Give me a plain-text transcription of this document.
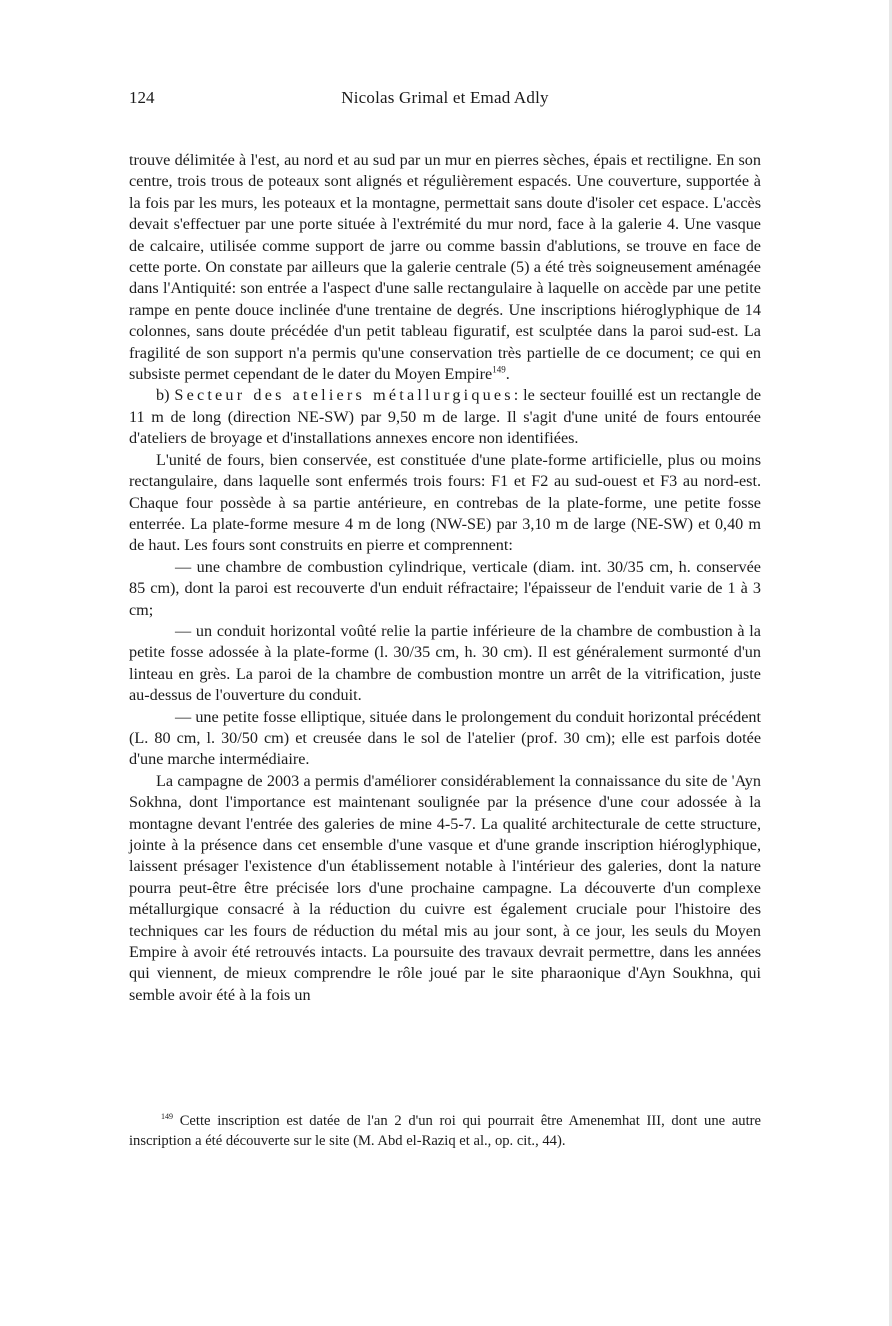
Nicolas Grimal et Emad Adly
124

trouve délimitée à l'est, au nord et au sud par un mur en pierres sèches, épais et rectiligne. En son centre, trois trous de poteaux sont alignés et régulièrement espacés. Une couverture, supportée à la fois par les murs, les poteaux et la montagne, permettait sans doute d'isoler cet espace. L'accès devait s'effectuer par une porte située à l'extrémité du mur nord, face à la galerie 4. Une vasque de calcaire, utilisée comme support de jarre ou comme bassin d'ablutions, se trouve en face de cette porte. On constate par ailleurs que la galerie centrale (5) a été très soigneusement aménagée dans l'Antiquité: son entrée a l'aspect d'une salle rectangulaire à laquelle on accède par une petite rampe en pente douce inclinée d'une trentaine de degrés. Une inscriptions hiéroglyphique de 14 colonnes, sans doute précédée d'un petit tableau figuratif, est sculptée dans la paroi sud-est. La fragilité de son support n'a permis qu'une conservation très partielle de ce document; ce qui en subsiste permet cependant de le dater du Moyen Empire$^{149}$.

b) Secteur des ateliers métallurgiques: le secteur fouillé est un rectangle de 11 m de long (direction NE-SW) par 9,50 m de large. Il s'agit d'une unité de fours entourée d'ateliers de broyage et d'installations annexes encore non identifiées.

L'unité de fours, bien conservée, est constituée d'une plate-forme artificielle, plus ou moins rectangulaire, dans laquelle sont enfermés trois fours: F1 et F2 au sud-ouest et F3 au nord-est. Chaque four possède à sa partie antérieure, en contrebas de la plate-forme, une petite fosse enterrée. La plate-forme mesure 4 m de long (NW-SE) par 3,10 m de large (NE-SW) et 0,40 m de haut. Les fours sont construits en pierre et comprennent:

— une chambre de combustion cylindrique, verticale (diam. int. 30/35 cm, h. conservée 85 cm), dont la paroi est recouverte d'un enduit réfractaire; l'épaisseur de l'enduit varie de 1 à 3 cm;

— un conduit horizontal voûté relie la partie inférieure de la chambre de combustion à la petite fosse adossée à la plate-forme (l. 30/35 cm, h. 30 cm). Il est généralement surmonté d'un linteau en grès. La paroi de la chambre de combustion montre un arrêt de la vitrification, juste au-dessus de l'ouverture du conduit.

— une petite fosse elliptique, située dans le prolongement du conduit horizontal précédent (L. 80 cm, l. 30/50 cm) et creusée dans le sol de l'atelier (prof. 30 cm); elle est parfois dotée d'une marche intermédiaire.

La campagne de 2003 a permis d'améliorer considérablement la connaissance du site de 'Ayn Sokhna, dont l'importance est maintenant soulignée par la présence d'une cour adossée à la montagne devant l'entrée des galeries de mine 4-5-7. La qualité architecturale de cette structure, jointe à la présence dans cet ensemble d'une vasque et d'une grande inscription hiéroglyphique, laissent présager l'existence d'un établissement notable à l'intérieur des galeries, dont la nature pourra peut-être être précisée lors d'une prochaine campagne. La découverte d'un complexe métallurgique consacré à la réduction du cuivre est également cruciale pour l'histoire des techniques car les fours de réduction du métal mis au jour sont, à ce jour, les seuls du Moyen Empire à avoir été retrouvés intacts. La poursuite des travaux devrait permettre, dans les années qui viennent, de mieux comprendre le rôle joué par le site pharaonique d'Ayn Soukhna, qui semble avoir été à la fois un

$^{149}$ Cette inscription est datée de l'an 2 d'un roi qui pourrait être Amenemhat III, dont une autre inscription a été découverte sur le site (M. Abd el-Raziq et al., op. cit., 44).
